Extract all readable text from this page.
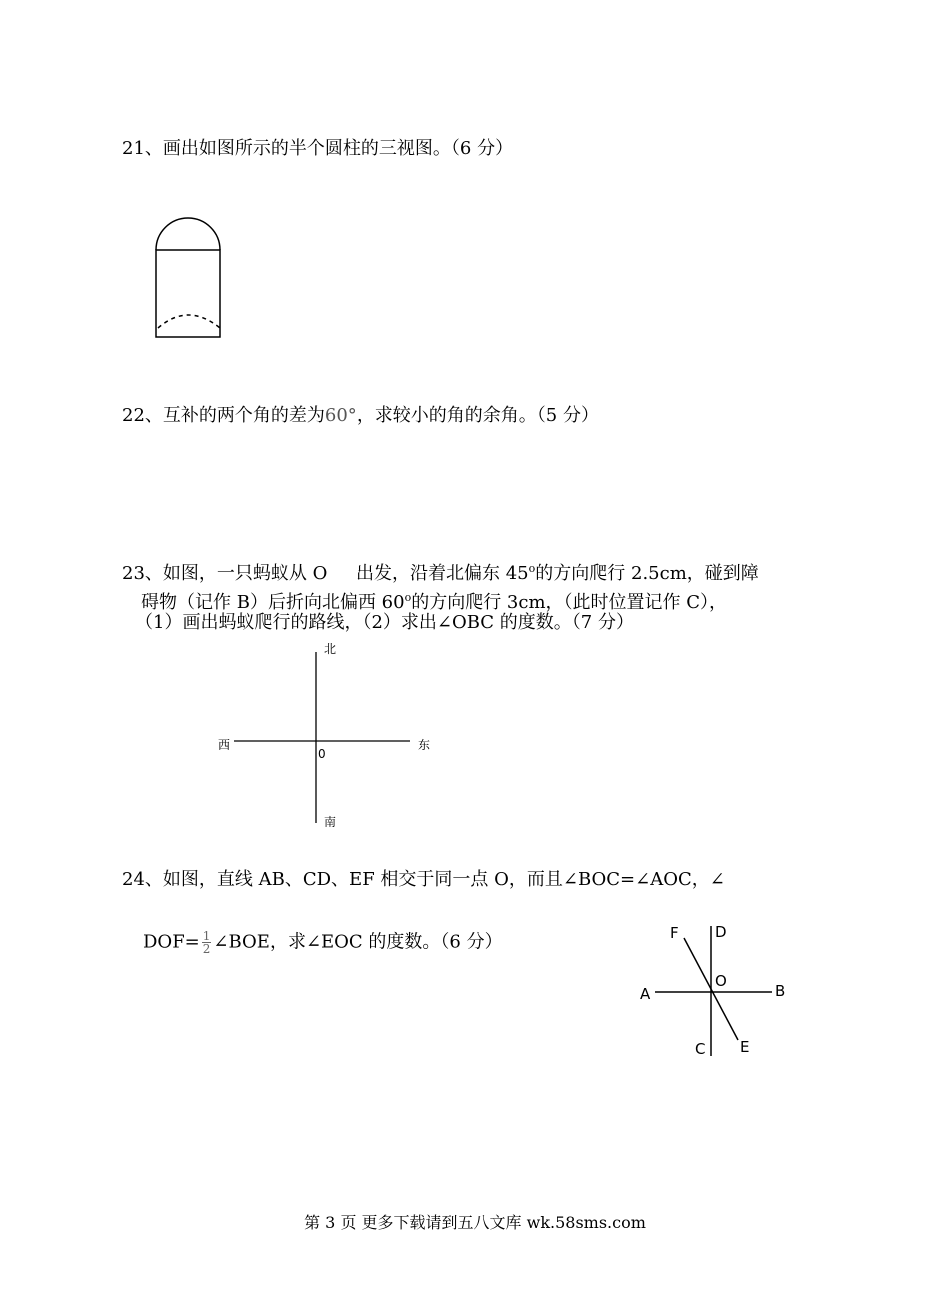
21、画出如图所示的半个圆柱的三视图。（6 分）
22、互补的两个角的差为60°，求较小的角的余角。（5 分）
23、如图，一只蚂蚁从 O 出发，沿着北偏东 45$^o$的方向爬行 2.5cm，碰到障
碍物（记作 B）后折向北偏西 60$^o$的方向爬行 3cm，（此时位置记作 C），
（1）画出蚂蚁爬行的路线，（2）求出∠OBC 的度数。（7 分）
北
南
西	东
0
24、如图，直线 AB、CD、EF 相交于同一点 O，而且∠BOC=∠AOC，∠
$DOF= \frac{1}{2}$ ∠BOE，求∠EOC 的度数。（6 分）
A	B
C
D
E
F
O
第 3 页 更多下载请到五八文库 wk.58sms.com
